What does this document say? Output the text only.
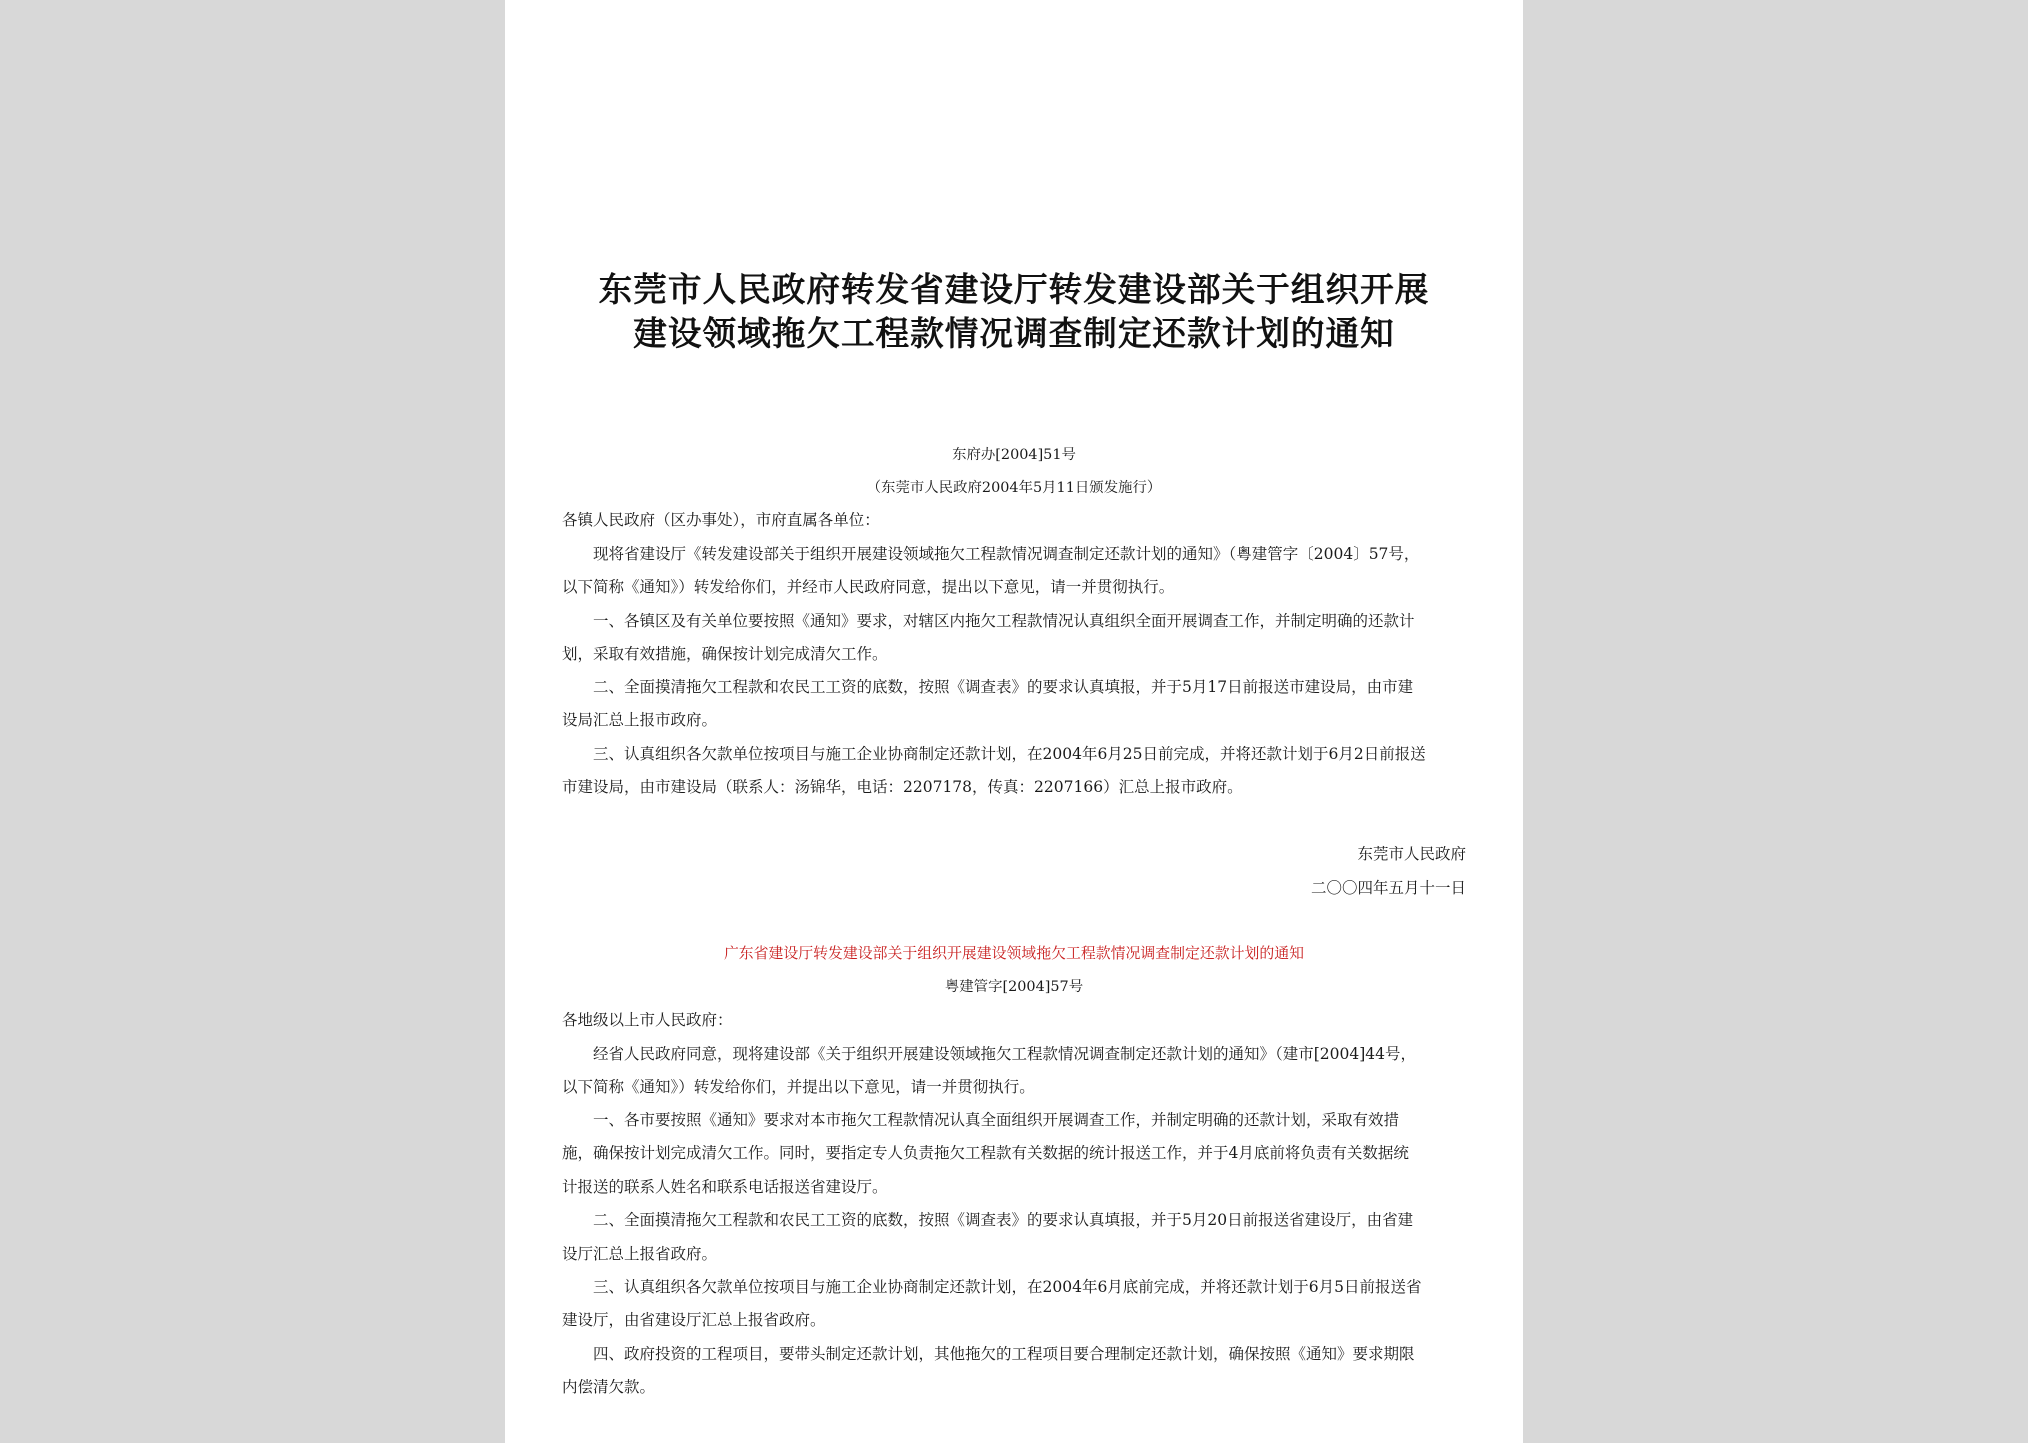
东莞市人民政府转发省建设厅转发建设部关于组织开展
建设领域拖欠工程款情况调查制定还款计划的通知
东府办[2004]51号
（东莞市人民政府2004年5月11日颁发施行）
各镇人民政府（区办事处），市府直属各单位：
现将省建设厅《转发建设部关于组织开展建设领域拖欠工程款情况调查制定还款计划的通知》（粤建管字〔2004〕57号，
以下简称《通知》）转发给你们，并经市人民政府同意，提出以下意见，请一并贯彻执行。
一、各镇区及有关单位要按照《通知》要求，对辖区内拖欠工程款情况认真组织全面开展调查工作，并制定明确的还款计
划，采取有效措施，确保按计划完成清欠工作。
二、全面摸清拖欠工程款和农民工工资的底数，按照《调查表》的要求认真填报，并于5月17日前报送市建设局，由市建
设局汇总上报市政府。
三、认真组织各欠款单位按项目与施工企业协商制定还款计划，在2004年6月25日前完成，并将还款计划于6月2日前报送
市建设局，由市建设局（联系人：汤锦华，电话：2207178，传真：2207166）汇总上报市政府。
东莞市人民政府
二〇〇四年五月十一日
广东省建设厅转发建设部关于组织开展建设领域拖欠工程款情况调查制定还款计划的通知
粤建管字[2004]57号
各地级以上市人民政府：
经省人民政府同意，现将建设部《关于组织开展建设领域拖欠工程款情况调查制定还款计划的通知》（建市[2004]44号，
以下简称《通知》）转发给你们，并提出以下意见，请一并贯彻执行。
一、各市要按照《通知》要求对本市拖欠工程款情况认真全面组织开展调查工作，并制定明确的还款计划，采取有效措
施，确保按计划完成清欠工作。同时，要指定专人负责拖欠工程款有关数据的统计报送工作，并于4月底前将负责有关数据统
计报送的联系人姓名和联系电话报送省建设厅。
二、全面摸清拖欠工程款和农民工工资的底数，按照《调查表》的要求认真填报，并于5月20日前报送省建设厅，由省建
设厅汇总上报省政府。
三、认真组织各欠款单位按项目与施工企业协商制定还款计划，在2004年6月底前完成，并将还款计划于6月5日前报送省
建设厅，由省建设厅汇总上报省政府。
四、政府投资的工程项目，要带头制定还款计划，其他拖欠的工程项目要合理制定还款计划，确保按照《通知》要求期限
内偿清欠款。
